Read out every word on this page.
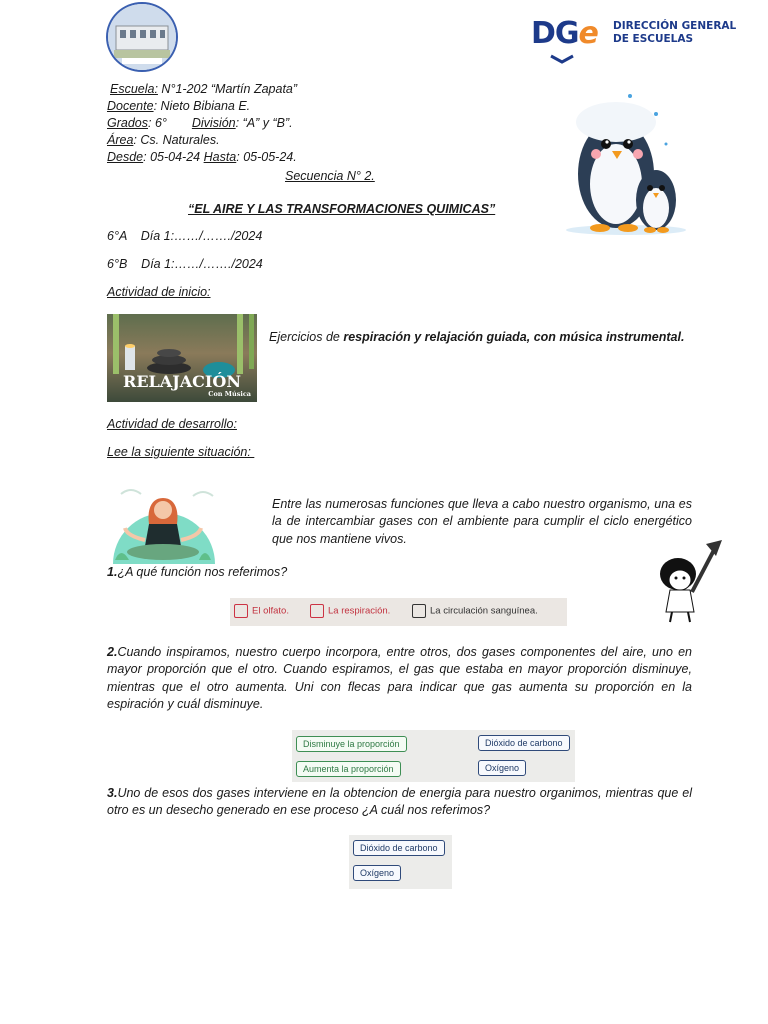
DGe DIRECCIÓN GENERAL
DE ESCUELAS
Escuela: N°1-202 “Martín Zapata”
Docente: Nieto Bibiana E.
Grados: 6° División: “A” y “B”.
Área: Cs. Naturales.
Desde: 05-04-24 Hasta: 05-05-24.
Secuencia N° 2.
“EL AIRE Y LAS TRANSFORMACIONES QUIMICAS”
6°A    Día 1:……/……./2024
6°B    Día 1:……/……./2024
Actividad de inicio:
RELAJACIÓN
Con Música
Ejercicios de respiración y relajación guiada, con música instrumental.
Actividad de desarrollo:
Lee la siguiente situación:
Entre las numerosas funciones que lleva a cabo nuestro organismo, una es la de intercambiar gases con el ambiente para cumplir el ciclo energético que nos mantiene vivos.
1.¿A qué función nos referimos?
El olfato.	La respiración.	La circulación sanguínea.
2.Cuando inspiramos, nuestro cuerpo incorpora, entre otros, dos gases componentes del aire, uno en mayor proporción que el otro. Cuando espiramos, el gas que estaba en mayor proporción disminuye, mientras que el otro aumenta. Uni con flecas para indicar que gas aumenta su proporción en la espiración y cuál disminuye.
Disminuye la proporción
Aumenta la proporción
Dióxido de carbono
Oxígeno
3.Uno de esos dos gases interviene en la obtencion de energia para nuestro organimos, mientras que el otro es un desecho generado en ese proceso ¿A cuál nos referimos?
Dióxido de carbono
Oxígeno
